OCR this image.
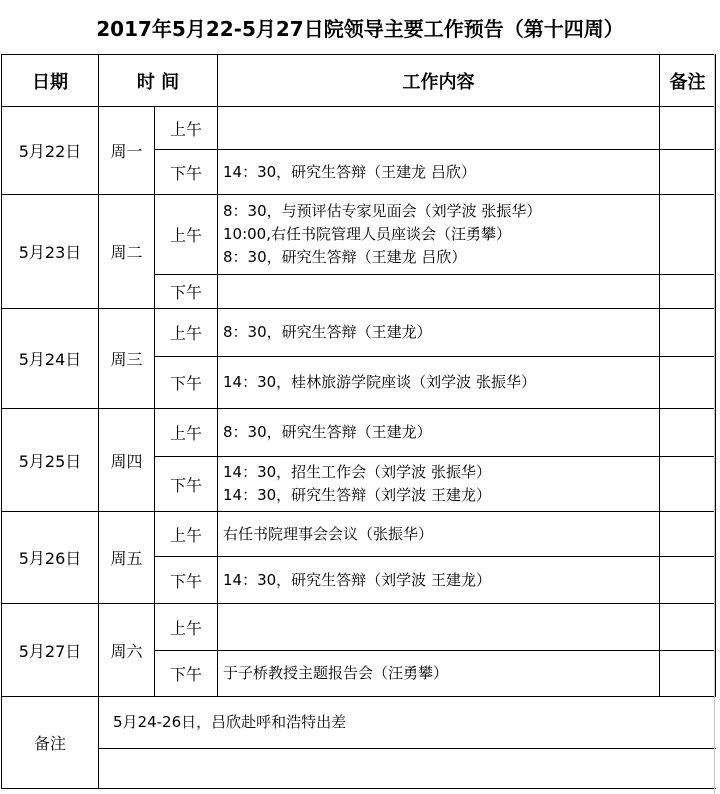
2017年5月22-5月27日院领导主要工作预告（第十四周）
日期	时 间		工作内容	备注
5月22日	周一	上午		
		下午	14：30，研究生答辩（王建龙 吕欣）	

5月23日	周二	上午	8：30，与预评估专家见面会（刘学波 张振华）
10:00,右任书院管理人员座谈会（汪勇攀）
8：30，研究生答辩（王建龙 吕欣）	

		下午		
5月24日	周三	上午	8：30，研究生答辩（王建龙）	

		下午	14：30，桂林旅游学院座谈（刘学波 张振华）	

5月25日	周四	上午	8：30，研究生答辩（王建龙）	

		下午	14：30，招生工作会（刘学波 张振华）
14：30，研究生答辩（刘学波 王建龙）	

5月26日	周五	上午	右任书院理事会会议（张振华）	

		下午	14：30，研究生答辩（刘学波 王建龙）	

5月27日	周六	上午		
		下午	于子桥教授主题报告会（汪勇攀）	

备注	5月24-26日，吕欣赴呼和浩特出差			
